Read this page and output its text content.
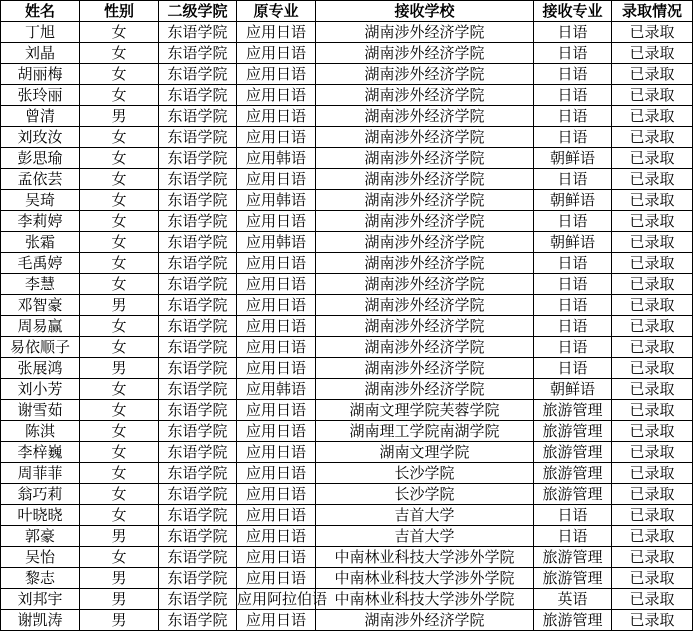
姓名	性别	二级学院	原专业	接收学校	接收专业	录取情况
丁旭	女	东语学院	应用日语	湖南涉外经济学院	日语	已录取
刘晶	女	东语学院	应用日语	湖南涉外经济学院	日语	已录取
胡丽梅	女	东语学院	应用日语	湖南涉外经济学院	日语	已录取
张玲丽	女	东语学院	应用日语	湖南涉外经济学院	日语	已录取
曾清	男	东语学院	应用日语	湖南涉外经济学院	日语	已录取
刘玫汝	女	东语学院	应用日语	湖南涉外经济学院	日语	已录取
彭思瑜	女	东语学院	应用韩语	湖南涉外经济学院	朝鲜语	已录取
孟依芸	女	东语学院	应用日语	湖南涉外经济学院	日语	已录取
吴琦	女	东语学院	应用韩语	湖南涉外经济学院	朝鲜语	已录取
李莉婷	女	东语学院	应用日语	湖南涉外经济学院	日语	已录取
张霜	女	东语学院	应用韩语	湖南涉外经济学院	朝鲜语	已录取
毛禹婷	女	东语学院	应用日语	湖南涉外经济学院	日语	已录取
李慧	女	东语学院	应用日语	湖南涉外经济学院	日语	已录取
邓智豪	男	东语学院	应用日语	湖南涉外经济学院	日语	已录取
周易赢	女	东语学院	应用日语	湖南涉外经济学院	日语	已录取
易依顺子	女	东语学院	应用日语	湖南涉外经济学院	日语	已录取
张展鸿	男	东语学院	应用日语	湖南涉外经济学院	日语	已录取
刘小芳	女	东语学院	应用韩语	湖南涉外经济学院	朝鲜语	已录取
谢雪茹	女	东语学院	应用日语	湖南文理学院芙蓉学院	旅游管理	已录取
陈淇	女	东语学院	应用日语	湖南理工学院南湖学院	旅游管理	已录取
李梓巍	女	东语学院	应用日语	湖南文理学院	旅游管理	已录取
周菲菲	女	东语学院	应用日语	长沙学院	旅游管理	已录取
翁巧莉	女	东语学院	应用日语	长沙学院	旅游管理	已录取
叶晓晓	女	东语学院	应用日语	吉首大学	日语	已录取
郭豪	男	东语学院	应用日语	吉首大学	日语	已录取
吴怡	女	东语学院	应用日语	中南林业科技大学涉外学院	旅游管理	已录取
黎志	男	东语学院	应用日语	中南林业科技大学涉外学院	旅游管理	已录取
刘邦宇	男	东语学院	应用阿拉伯语	中南林业科技大学涉外学院	英语	已录取
谢凯涛	男	东语学院	应用日语	湖南涉外经济学院	旅游管理	已录取
